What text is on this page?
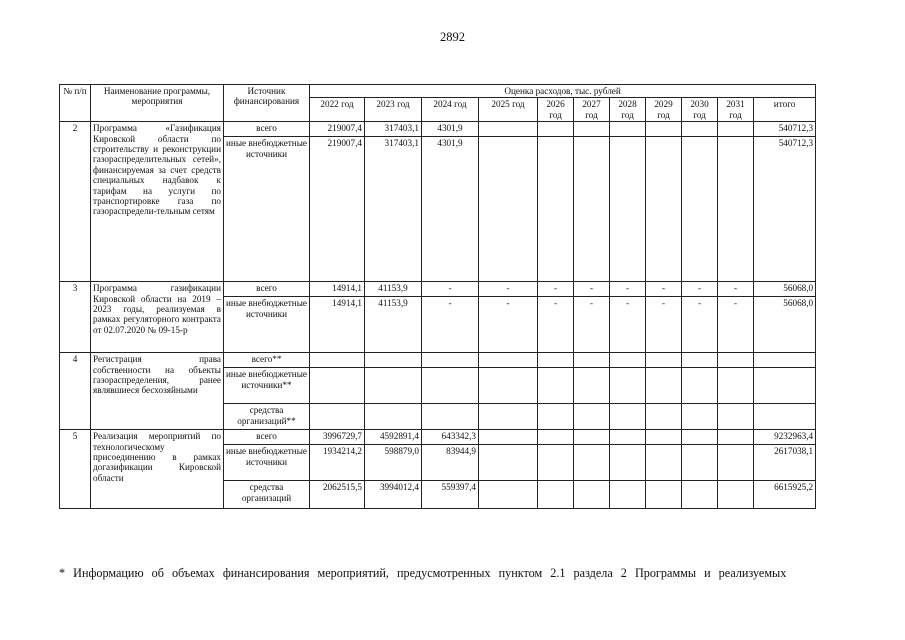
2892
№ п/п	Наименование программы, мероприятия	Источник финансирования	Оценка расходов, тыс. рублей										
			2022 год	2023 год	2024 год	2025 год	2026 год	2027 год	2028 год	2029 год	2030 год	2031 год	итого
2	Программа «Газификация Кировской области по строительству и реконструкции газораспределительных сетей», финансируемая за счет средств специальных надбавок к тарифам на услуги по транспортировке газа по газораспредели-тельным сетям	всего	219007,4	317403,1	4301,9								540712,3
		иные внебюджетные источники	219007,4	317403,1	4301,9								540712,3
3	Программа газификации Кировской области на 2019 – 2023 годы, реализуемая в рамках регуляторного контракта от 02.07.2020 № 09-15-р	всего	14914,1	41153,9	-	-	-	-	-	-	-	-	56068,0
		иные внебюджетные источники	14914,1	41153,9	-	-	-	-	-	-	-	-	56068,0
4	Регистрация права собственности на объекты газораспределения, ранее являвшиеся бесхозяйными	всего**											
		иные внебюджетные источники**											
		средства организаций**											
5	Реализация мероприятий по технологическому присоединению в рамках догазификации Кировской области	всего	3996729,7	4592891,4	643342,3								9232963,4
		иные внебюджетные источники	1934214,2	598879,0	83944,9								2617038,1
		средства организаций	2062515,5	3994012,4	559397,4								6615925,2
* Информацию об объемах финансирования мероприятий, предусмотренных пунктом 2.1 раздела 2 Программы и реализуемых
